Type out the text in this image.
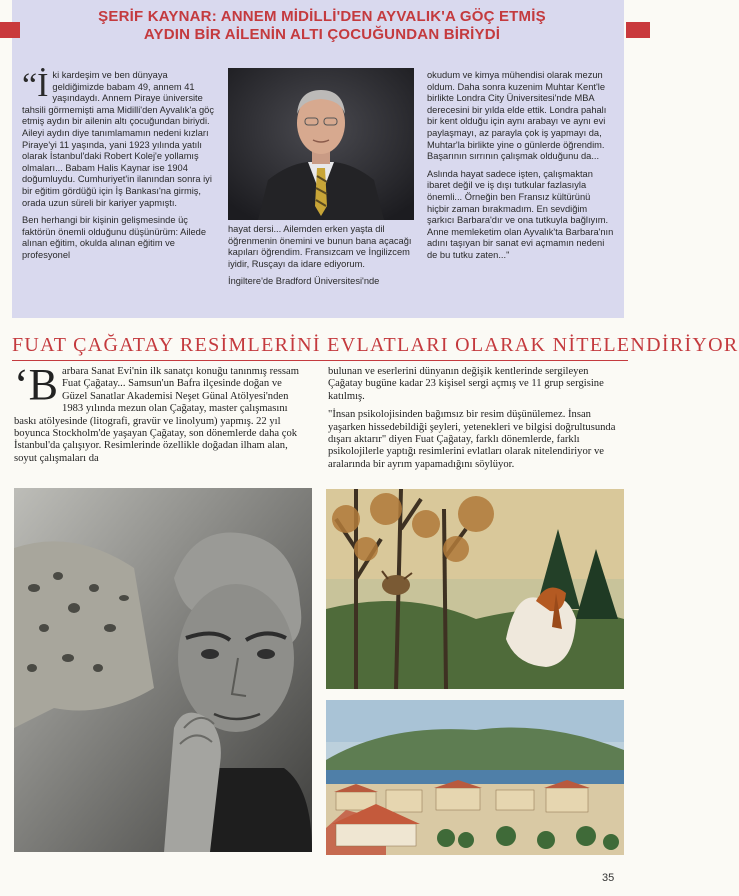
ŞERİF KAYNAR: ANNEM MİDİLLİ'DEN AYVALIK'A GÖÇ ETMİŞ
AYDIN BİR AİLENİN ALTI ÇOCUĞUNDAN BİRİYDİ

“İ ki kardeşim ve ben dünyaya geldiğimizde babam 49, annem 41 yaşındaydı. Annem Piraye üniversite tahsili görmemişti ama Midilli'den Ayvalık'a göç etmiş aydın bir ailenin altı çocuğundan biriydi. Aileyi aydın diye tanımlamamın nedeni kızları Piraye'yi 11 yaşında, yani 1923 yılında yatılı olarak İstanbul'daki Robert Kolej'e yollamış olmaları... Babam Halis Kaynar ise 1904 doğumluydu. Cumhuriyet'in ilanından sonra iyi bir eğitim gördüğü için İş Bankası'na girmiş, orada uzun süreli bir kariyer yapmıştı.

Ben herhangi bir kişinin gelişmesinde üç faktörün önemli olduğunu düşünürüm: Ailede alınan eğitim, okulda alınan eğitim ve profesyonel

hayat dersi... Ailemden erken yaşta dil öğrenmenin önemini ve bunun bana açacağı kapıları öğrendim. Fransızcam ve İngilizcem iyidir, Rusçayı da idare ediyorum.

İngiltere'de Bradford Üniversitesi'nde

okudum ve kimya mühendisi olarak mezun oldum. Daha sonra kuzenim Muhtar Kent'le birlikte Londra City Üniversitesi'nde MBA derecesini bir yılda elde ettik. Londra pahalı bir kent olduğu için aynı arabayı ve aynı evi paylaşmayı, az parayla çok iş yapmayı da, Muhtar'la birlikte yine o günlerde öğrendim. Başarının sırrının çalışmak olduğunu da...

Aslında hayat sadece işten, çalışmaktan ibaret değil ve iş dışı tutkular fazlasıyla önemli... Örneğin ben Fransız kültürünü hiçbir zaman bırakmadım. En sevdiğim şarkıcı Barbara'dır ve ona tutkuyla bağlıyım. Anne memleketim olan Ayvalık'ta Barbara'nın adını taşıyan bir sanat evi açmamın nedeni de bu tutku zaten..."

FUAT ÇAĞATAY RESİMLERİNİ EVLATLARI OLARAK NİTELENDİRİYOR

‘B arbara Sanat Evi'nin ilk sanatçı konuğu tanınmış ressam Fuat Çağatay... Samsun'un Bafra ilçesinde doğan ve Güzel Sanatlar Akademisi Neşet Günal Atölyesi'nden 1983 yılında mezun olan Çağatay, master çalışmasını baskı atölyesinde (litografi, gravür ve linolyum) yapmış. 22 yıl boyunca Stockholm'de yaşayan Çağatay, son dönemlerde daha çok İstanbul'da çalışıyor. Resimlerinde özellikle doğadan ilham alan, soyut çalışmaları da

bulunan ve eserlerini dünyanın değişik kentlerinde sergileyen Çağatay bugüne kadar 23 kişisel sergi açmış ve 11 grup sergisine katılmış.

"İnsan psikolojisinden bağımsız bir resim düşünülemez. İnsan yaşarken hissedebildiği şeyleri, yetenekleri ve bilgisi doğrultusunda dışarı aktarır" diyen Fuat Çağatay, farklı dönemlerde, farklı psikolojilerle yaptığı resimlerini evlatları olarak nitelendiriyor ve aralarında bir ayrım yapamadığını söylüyor.

35
